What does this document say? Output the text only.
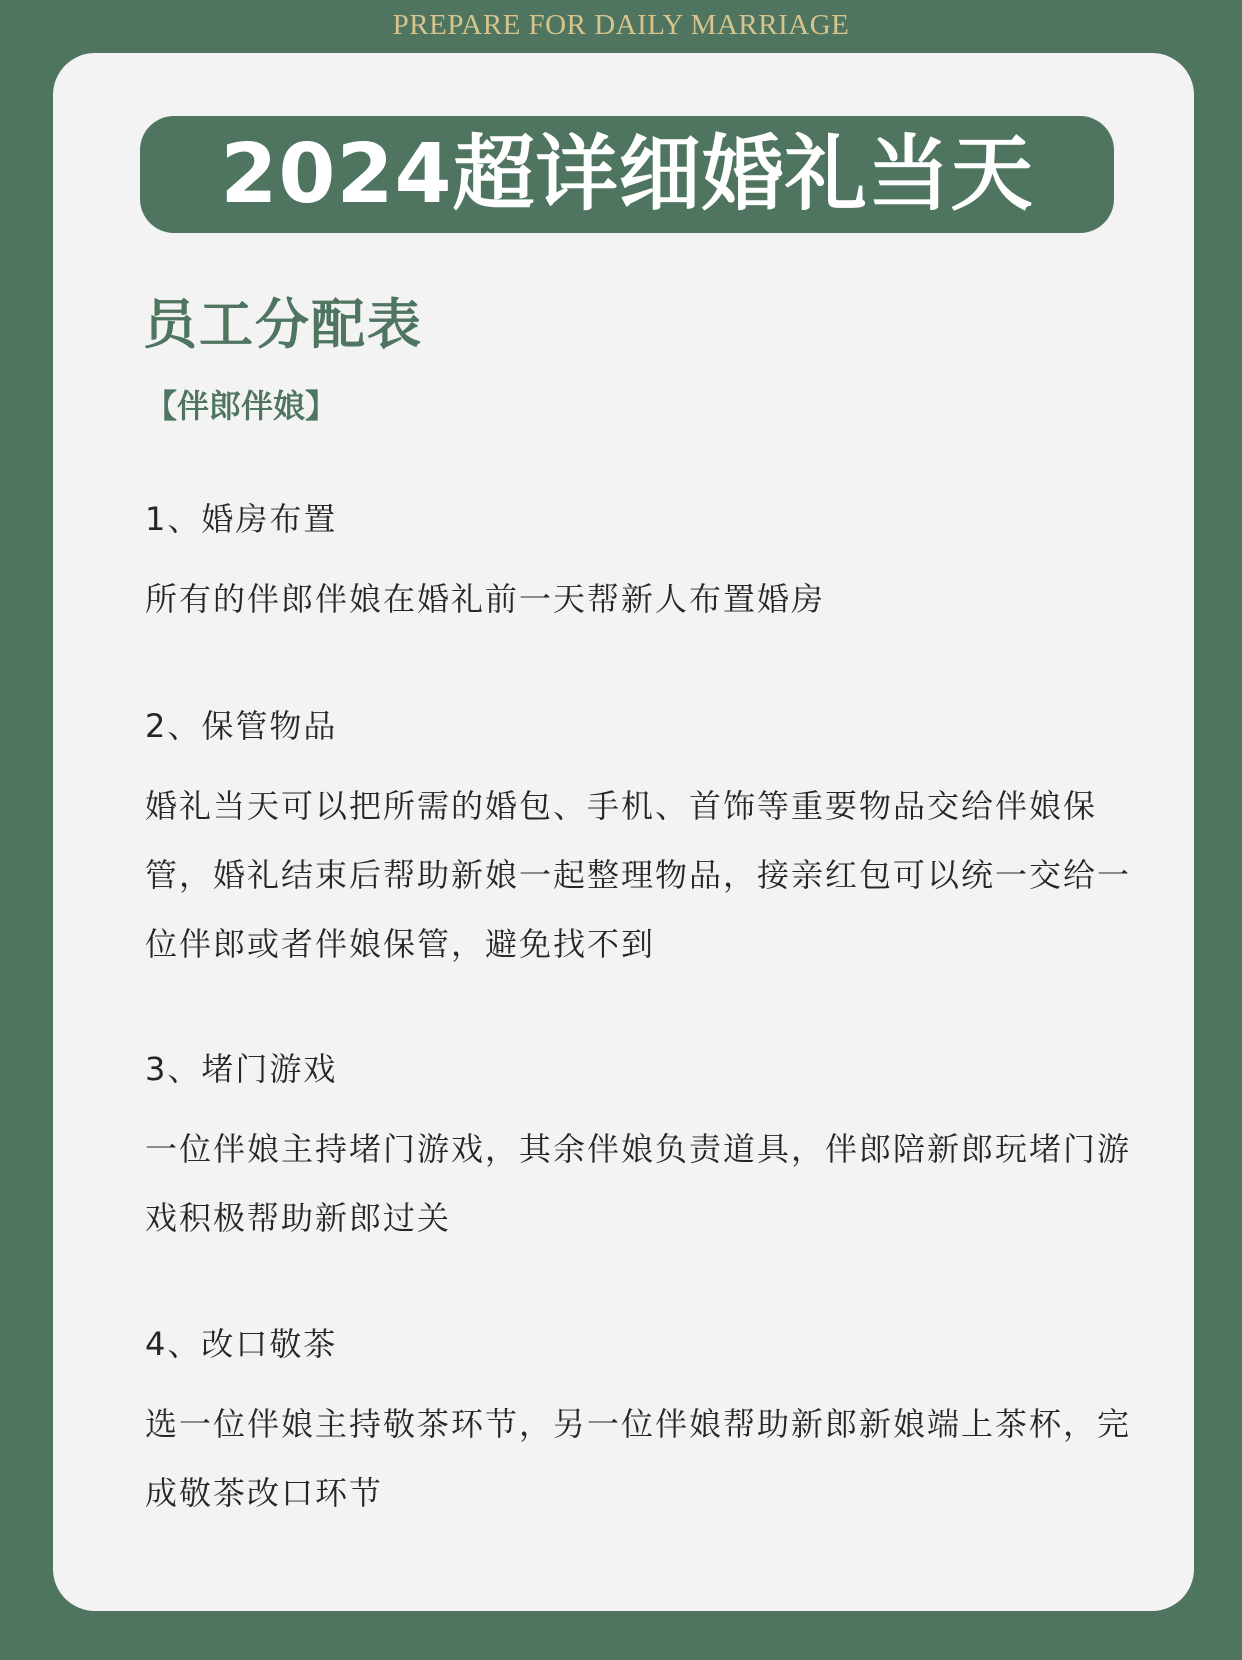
PREPARE FOR DAILY MARRIAGE
2024超详细婚礼当天
员工分配表
【伴郎伴娘】
1、婚房布置
所有的伴郎伴娘在婚礼前一天帮新人布置婚房
2、保管物品
婚礼当天可以把所需的婚包、手机、首饰等重要物品交给伴娘保管，婚礼结束后帮助新娘一起整理物品，接亲红包可以统一交给一位伴郎或者伴娘保管，避免找不到
3、堵门游戏
一位伴娘主持堵门游戏，其余伴娘负责道具，伴郎陪新郎玩堵门游戏积极帮助新郎过关
4、改口敬茶
选一位伴娘主持敬茶环节，另一位伴娘帮助新郎新娘端上茶杯，完成敬茶改口环节
